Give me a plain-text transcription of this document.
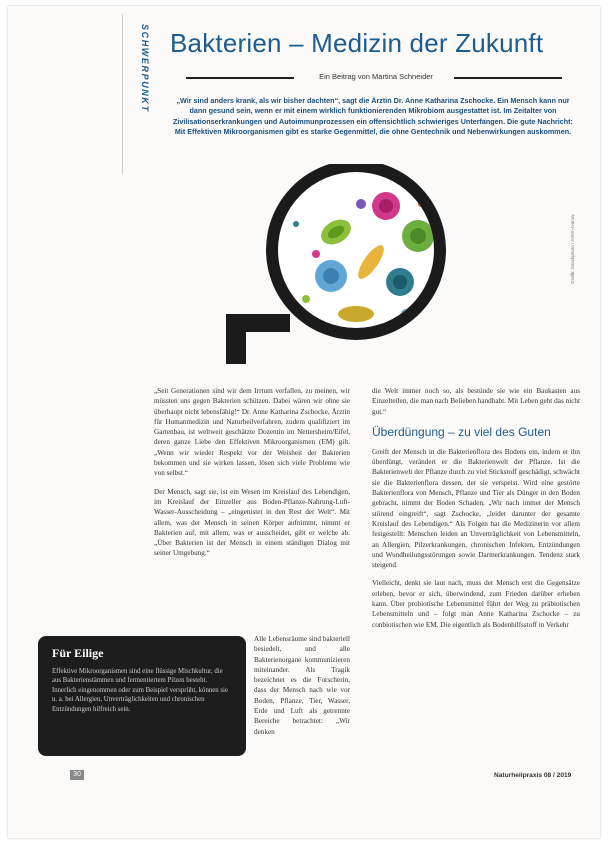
SCHWERPUNKT Bakterien – Medizin der Zukunft
Ein Beitrag von Martina Schneider
„Wir sind anders krank, als wir bisher dachten“, sagt die Ärztin Dr. Anne Katharina Zschocke. Ein Mensch kann nur dann gesund sein, wenn er mit einem wirklich funktionierenden Mikrobiom ausgestattet ist. Im Zeitalter von Zivilisationserkrankungen und Autoimmunprozessen ein offensichtlich schwieriges Unterfangen. Die gute Nachricht: Mit Effektiven Mikroorganismen gibt es starke Gegenmittel, die ohne Gentechnik und Nebenwirkungen auskommen.
Grafik: iStockphoto / Artem-Ivanov

„Seit Generationen sind wir dem Irrtum verfallen, zu meinen, wir müssten uns gegen Bakterien schützen. Dabei wären wir ohne sie überhaupt nicht lebensfähig!“ Dr. Anne Katharina Zschocke, Ärztin für Humanmedizin und Naturheilverfahren, zudem qualifiziert im Gartenbau, ist weltweit geschätzte Dozentin im Nettersheim/Eifel, deren ganze Liebe den Effektiven Mikroorganismen (EM) gilt. „Wenn wir wieder Respekt vor der Weisheit der Bakterien bekommen und sie wirken lassen, lösen sich viele Probleme wie von selbst.“

Der Mensch, sagt sie, ist ein Wesen im Kreislauf des Lebendigen, im Kreislauf der Einzeller aus Boden-Pflanze-Nahrung-Luft-Wasser-Ausscheidung – „eingenistet in den Rest der Welt“. Mit allem, was der Mensch in seinen Körper aufnimmt, nimmt er Bakterien auf, mit allem, was er ausscheidet, gibt er welche ab. „Über Bakterien ist der Mensch in einem ständigen Dialog mit seiner Umgebung.“

Alle Lebensräume sind bakteriell besiedelt, und alle Bakterienorgane kommunizieren miteinander. Als Tragik bezeichnet es die Forscherin, dass der Mensch nach wie vor Boden, Pflanze, Tier, Wasser, Erde und Luft als getrennte Bereiche betrachtet: „Wir denken

die Welt immer noch so, als bestünde sie wie ein Baukasten aus Einzelteilen, die man nach Belieben handhabt. Mit Leben geht das nicht gut.“

Überdüngung – zu viel des Guten

Greift der Mensch in die Bakterienflora des Bodens ein, indem er ihn überdüngt, verändert er die Bakterienwelt der Pflanze. Ist die Bakterienwelt der Pflanze durch zu viel Stickstoff geschädigt, schwächt sie die Bakterienflora dessen, der sie verspeist. Wird eine gestörte Bakterienflora von Mensch, Pflanze und Tier als Dünger in den Boden gebracht, nimmt der Boden Schaden. „Wir nach immer der Mensch störend eingreift“, sagt Zschocke, „leidet darunter der gesamte Kreislauf des Lebendigen.“ Als Folgen hat die Medizinerin vor allem festgestellt: Menschen leiden an Unverträglichkeit von Lebensmitteln, an Allergien, Pilzerkrankungen, chronischen Infekten, Entzündungen und Wundheilungsstörungen sowie Darmerkrankungen. Tendenz stark steigend.

Vielleicht, denkt sie laut nach, muss der Mensch erst die Gegensätze erleben, bevor er sich, überwindend, zum Frieden darüber erheben kann. Über probiotische Lebensmittel führt der Weg zu präbiotischen Lebensmitteln und – folgt man Anne Katharina Zschocke – zu conbiotischen wie EM. Die eigentlich als Bodenhilfsstoff in Verkehr

Für Eilige

Effektive Mikroorganismen sind eine flüssige Mischkultur, die aus Bakterienstämmen und fermentiertem Pilzen besteht. Innerlich eingenommen oder zum Beispiel versprüht, können sie u. a. bei Allergien, Unverträglichkeiten und chronischen Entzündungen hilfreich sein.

30	Naturheilpraxis 08 / 2019
